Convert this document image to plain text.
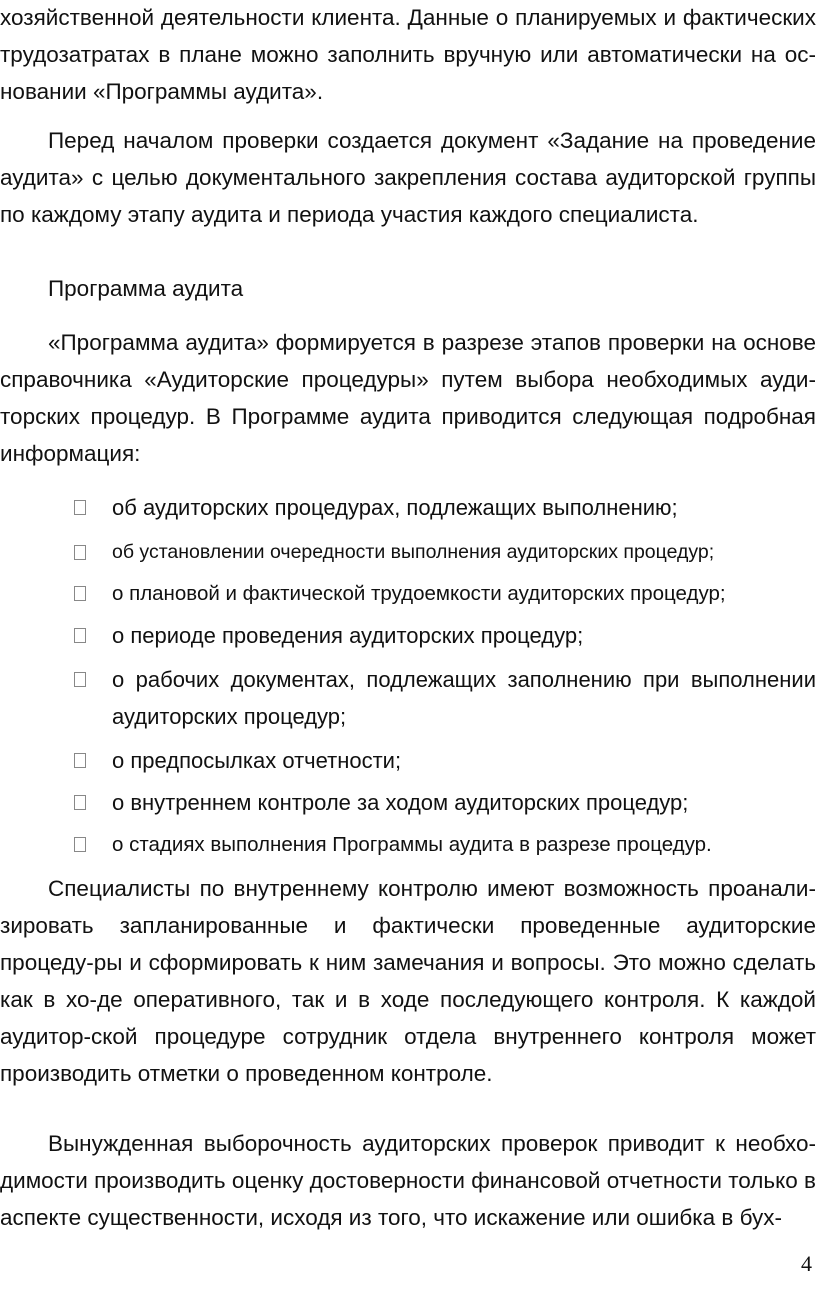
хозяйственной деятельности клиента. Данные о планируемых и фактических трудозатратах в плане можно заполнить вручную или автоматически на ос-новании «Программы аудита».

Перед началом проверки создается документ «Задание на проведение аудита» с целью документального закрепления состава аудиторской группы по каждому этапу аудита и периода участия каждого специалиста.

Программа аудита

«Программа аудита» формируется в разрезе этапов проверки на основе справочника «Аудиторские процедуры» путем выбора необходимых ауди-торских процедур. В Программе аудита приводится следующая подробная информация:

об аудиторских процедурах, подлежащих выполнению;
об установлении очередности выполнения аудиторских процедур;
о плановой и фактической трудоемкости аудиторских процедур;
о периоде проведения аудиторских процедур;
о рабочих документах, подлежащих заполнению при выполнении аудиторских процедур;
о предпосылках отчетности;
о внутреннем контроле за ходом аудиторских процедур;
о стадиях выполнения Программы аудита в разрезе процедур.

Специалисты по внутреннему контролю имеют возможность проанали-зировать запланированные и фактически проведенные аудиторские процеду-ры и сформировать к ним замечания и вопросы. Это можно сделать как в хо-де оперативного, так и в ходе последующего контроля. К каждой аудитор-ской процедуре сотрудник отдела внутреннего контроля может производить отметки о проведенном контроле.

Вынужденная выборочность аудиторских проверок приводит к необхо-димости производить оценку достоверности финансовой отчетности только в аспекте существенности, исходя из того, что искажение или ошибка в бух-

4
